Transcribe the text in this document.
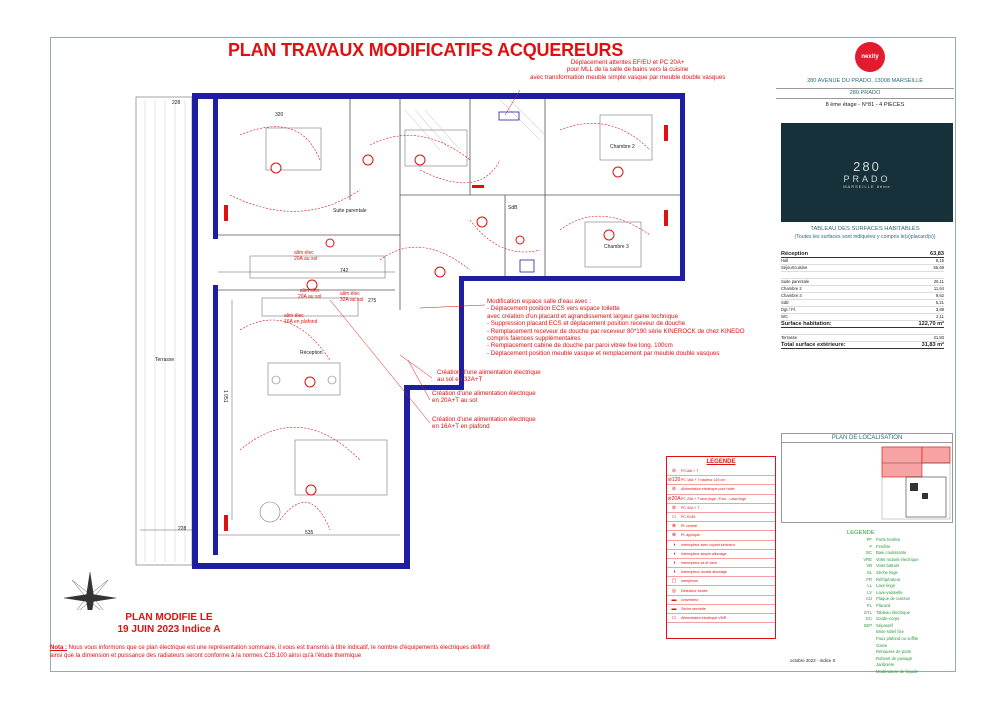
PLAN TRAVAUX MODIFICATIFS ACQUEREURS
alim élec
20A au sol	alim élec
32A au sol
alim élec
16A en plafond
alim élec
20A au sol
Réception
Terrasse
Chambre 2
Chambre 3
Suite parentale	SdB
320
742
275
1 051
535
228
228
Déplacement attentes EF/EU et PC 20A+
pour MLL de la salle de bains vers la cuisine
avec transformation meuble simple vasque par meuble double vasques
Modification espace salle d'eau avec :
- Déplacement position ECS vers espace toilette
avec création d'un placard et agrandissement largeur gaine technique
- Suppression placard ECS et déplacement position receveur de douche
- Remplacement receveur de douche par receveur 80*190 série KINEROCK de chez KINEDO
compris faiences supplémentaires
- Remplacement cabine de douche par paroi vitrée fixe long. 100cm
- Déplacement position meuble vasque et remplacement par meuble double vasques
Création d'une alimentation électrique
au sol en 32A+T
Création d'une alimentation électrique
en 20A+T au sol
Création d'une alimentation électrique
en 16A+T en plafond
PLAN MODIFIE LE
19 JUIN 2023 Indice A
Nota : Nous vous informons que ce plan électrique est une représentation sommaire, il vous est transmis à titre indicatif, le nombre d'équipements électriques définitif
ainsi que la dimension et puissance des radiateurs seront conforme à la normes C15.100 ainsi qu'à l'étude thermique
LEGENDE
⊘	PC16A + T
⊘120 PC 16A + T hauteur 120 cm
⊘	Alimentation électrique pour hotte
⊘20A PC 20A + T lave-linge - Four - Lave-linge
⊘	PC 32A + T
▭	PC RJ45
⊗	PL central
⊗	PL applique
◑	Interrupteur avec voyant lumineux
◑	Interrupteur simple allumage
◑	Interrupteur va et vient
◑	Interrupteur double allumage
▢	Interphone
◎	Détecteur fumée
▬	convecteur
▬	Sèche serviette
▭	Alimentation électrique VMR
nexity
280 AVENUE DU PRADO, 13008 MARSEILLE
280 PRADO
8 ème étage - N°81 - 4 PIECES
280
PRADO
MARSEILLE 8ème
TABLEAU DES SURFACES HABITABLES
(Toutes les surfaces sont indiquées y compris le(s)placard(s))
Réception	63,83
Hall	8,15
Séjour/cuisine	55,68
Suite parentale	26,11
Chambre 2	11,64
Chambre 3	9,62
SdE	5,21
Dgt / Pl.	3,88
WC	2,11
Surface habitation:	122,70 m²
Terrasse	31,83
Total surface extérieure:	31,83 m²
PLAN DE LOCALISATION
LEGENDE
PF Porte fenêtre
F Fenêtre
BC Baie coulissante
VRE Volet roulant électrique
VB Volet battant
SL Sèche linge
FR Réfrigérateur
LL Lave linge
LV Lave-vaisselle
CU Plaque de cuisson
PL Placard
GTL Tableau électrique
GC Garde-corps
SEP Séparatif
Brise soleil fixe
Faux plafond ou soffite
Gaine
Rehausse de porte
Robinet de puisage
Jardinière
Modénature de façade
octobre 2022 - Indice S
